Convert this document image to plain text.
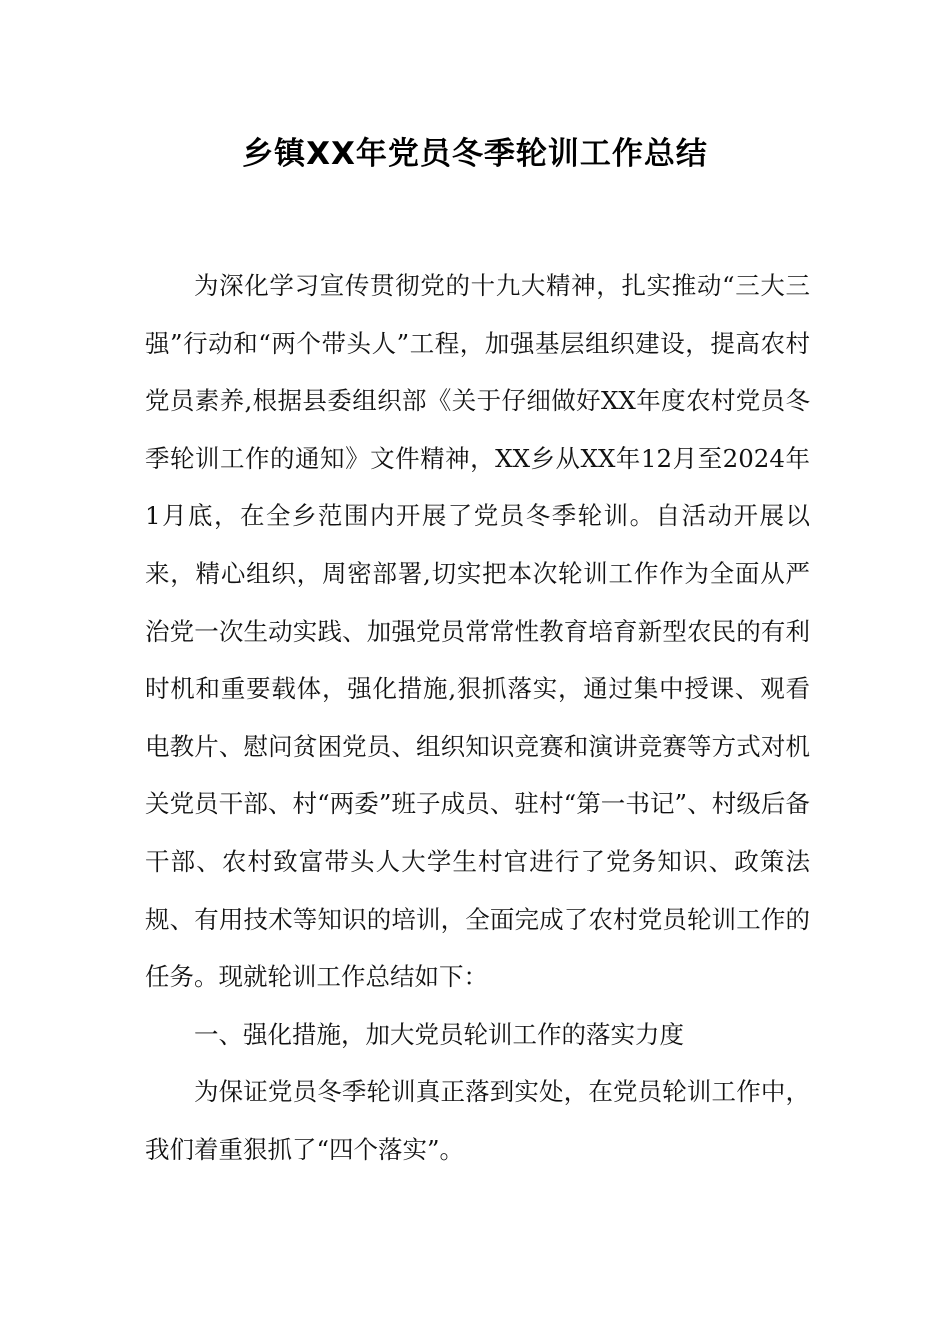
乡镇XX年党员冬季轮训工作总结

为深化学习宣传贯彻党的十九大精神，扎实推动“三大三强”行动和“两个带头人”工程，加强基层组织建设，提高农村党员素养,根据县委组织部《关于仔细做好XX年度农村党员冬季轮训工作的通知》文件精神，XX乡从XX年12月至2024年1月底，在全乡范围内开展了党员冬季轮训。自活动开展以来，精心组织，周密部署,切实把本次轮训工作作为全面从严治党一次生动实践、加强党员常常性教育培育新型农民的有利时机和重要载体，强化措施,狠抓落实，通过集中授课、观看电教片、慰问贫困党员、组织知识竞赛和演讲竞赛等方式对机关党员干部、村“两委”班子成员、驻村“第一书记”、村级后备干部、农村致富带头人大学生村官进行了党务知识、政策法规、有用技术等知识的培训，全面完成了农村党员轮训工作的任务。现就轮训工作总结如下：

一、强化措施，加大党员轮训工作的落实力度

为保证党员冬季轮训真正落到实处，在党员轮训工作中，我们着重狠抓了“四个落实”。
